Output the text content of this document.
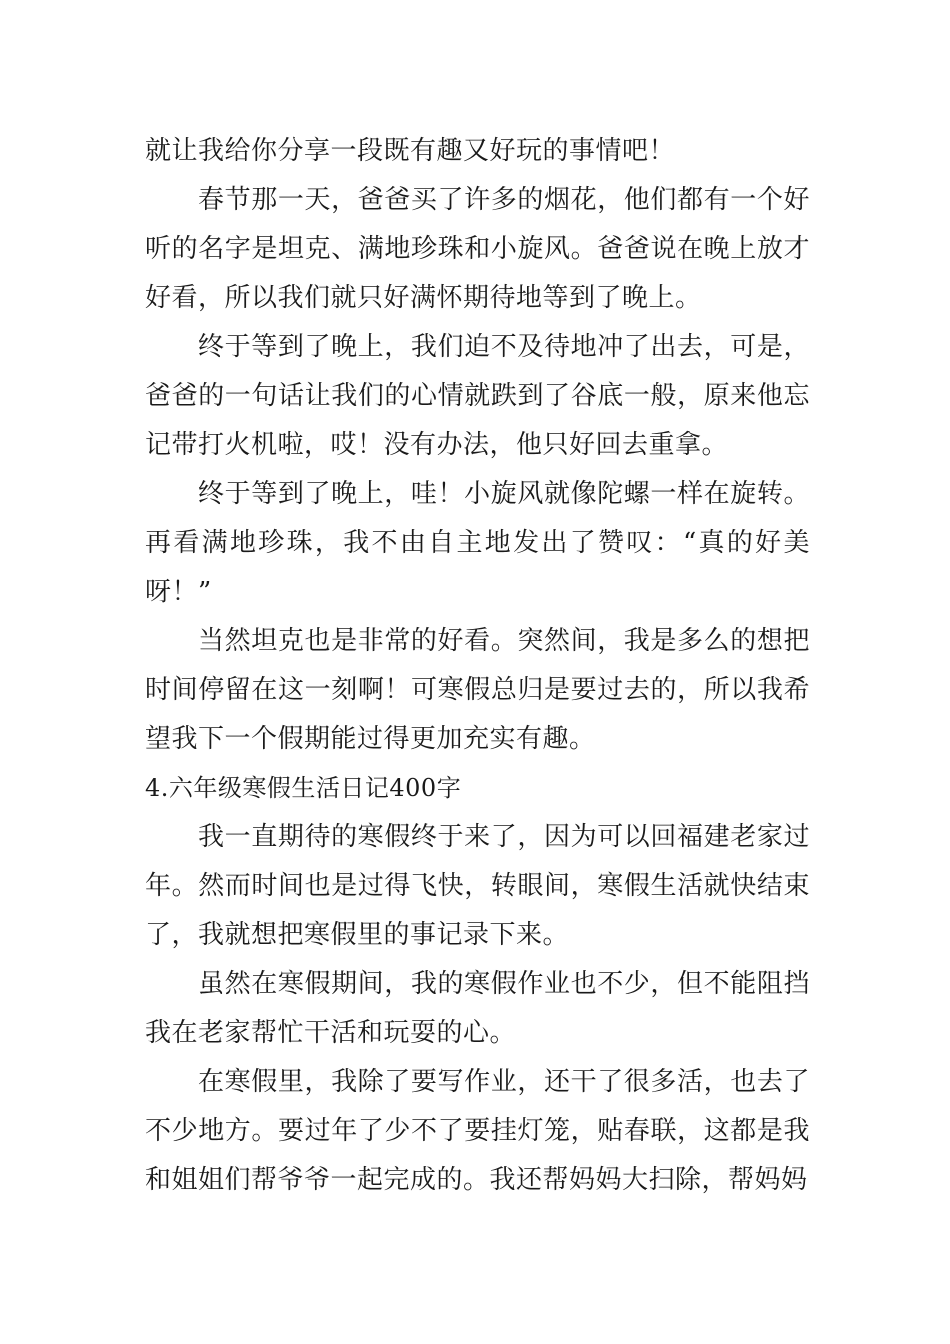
就让我给你分享一段既有趣又好玩的事情吧！

春节那一天，爸爸买了许多的烟花，他们都有一个好听的名字是坦克、满地珍珠和小旋风。爸爸说在晚上放才好看，所以我们就只好满怀期待地等到了晚上。

终于等到了晚上，我们迫不及待地冲了出去，可是，爸爸的一句话让我们的心情就跌到了谷底一般，原来他忘记带打火机啦，哎！没有办法，他只好回去重拿。

终于等到了晚上，哇！小旋风就像陀螺一样在旋转。再看满地珍珠，我不由自主地发出了赞叹：“真的好美呀！”

当然坦克也是非常的好看。突然间，我是多么的想把时间停留在这一刻啊！可寒假总归是要过去的，所以我希望我下一个假期能过得更加充实有趣。

4.六年级寒假生活日记400字

我一直期待的寒假终于来了，因为可以回福建老家过年。然而时间也是过得飞快，转眼间，寒假生活就快结束了，我就想把寒假里的事记录下来。

虽然在寒假期间，我的寒假作业也不少，但不能阻挡我在老家帮忙干活和玩耍的心。

在寒假里，我除了要写作业，还干了很多活，也去了不少地方。要过年了少不了要挂灯笼，贴春联，这都是我和姐姐们帮爷爷一起完成的。我还帮妈妈大扫除，帮妈妈
